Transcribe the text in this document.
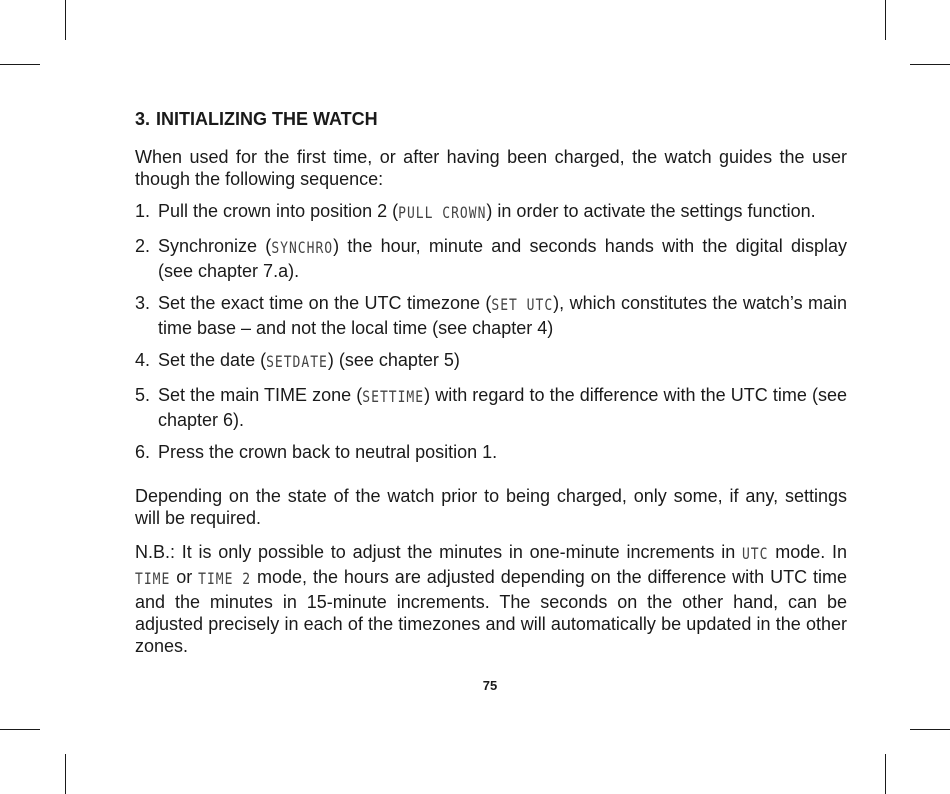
3. INITIALIZING THE WATCH

When used for the first time, or after having been charged, the watch guides the user though the following sequence:

1. Pull the crown into position 2 (PULL CROWN) in order to activate the settings function.
2. Synchronize (SYNCHRO) the hour, minute and seconds hands with the digital display (see chapter 7.a).
3. Set the exact time on the UTC timezone (SET UTC), which constitutes the watch’s main time base – and not the local time (see chapter 4)
4. Set the date (SETDATE) (see chapter 5)
5. Set the main TIME zone (SETTIME) with regard to the difference with the UTC time (see chapter 6).
6. Press the crown back to neutral position 1.

Depending on the state of the watch prior to being charged, only some, if any, settings will be required.

N.B.: It is only possible to adjust the minutes in one-minute increments in UTC mode. In TIME or TIME 2 mode, the hours are adjusted depending on the difference with UTC time and the minutes in 15-minute increments. The seconds on the other hand, can be adjusted precisely in each of the timezones and will automatically be updated in the other zones.

75
